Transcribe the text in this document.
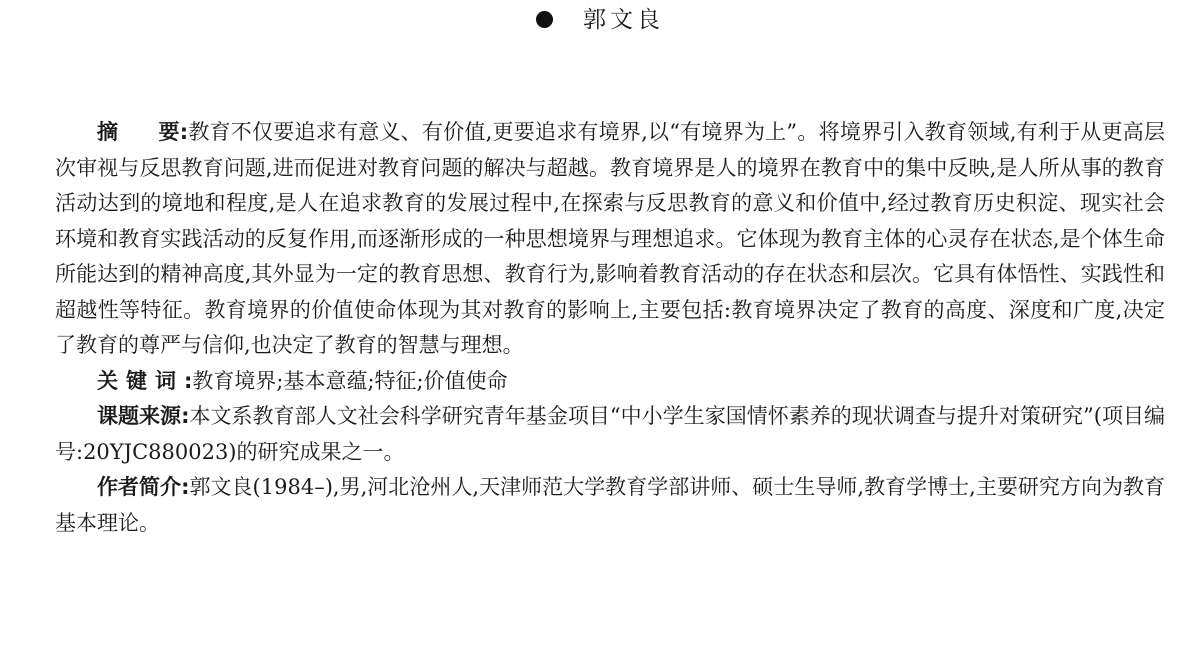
郭文良

摘 要:教育不仅要追求有意义、有价值,更要追求有境界,以“有境界为上”。将境界引入教育领域,有利于从更高层次审视与反思教育问题,进而促进对教育问题的解决与超越。教育境界是人的境界在教育中的集中反映,是人所从事的教育活动达到的境地和程度,是人在追求教育的发展过程中,在探索与反思教育的意义和价值中,经过教育历史积淀、现实社会环境和教育实践活动的反复作用,而逐渐形成的一种思想境界与理想追求。它体现为教育主体的心灵存在状态,是个体生命所能达到的精神高度,其外显为一定的教育思想、教育行为,影响着教育活动的存在状态和层次。它具有体悟性、实践性和超越性等特征。教育境界的价值使命体现为其对教育的影响上,主要包括:教育境界决定了教育的高度、深度和广度,决定了教育的尊严与信仰,也决定了教育的智慧与理想。

关键词:教育境界;基本意蕴;特征;价值使命

课题来源:本文系教育部人文社会科学研究青年基金项目“中小学生家国情怀素养的现状调查与提升对策研究”(项目编号:20YJC880023)的研究成果之一。

作者简介:郭文良(1984–),男,河北沧州人,天津师范大学教育学部讲师、硕士生导师,教育学博士,主要研究方向为教育基本理论。
